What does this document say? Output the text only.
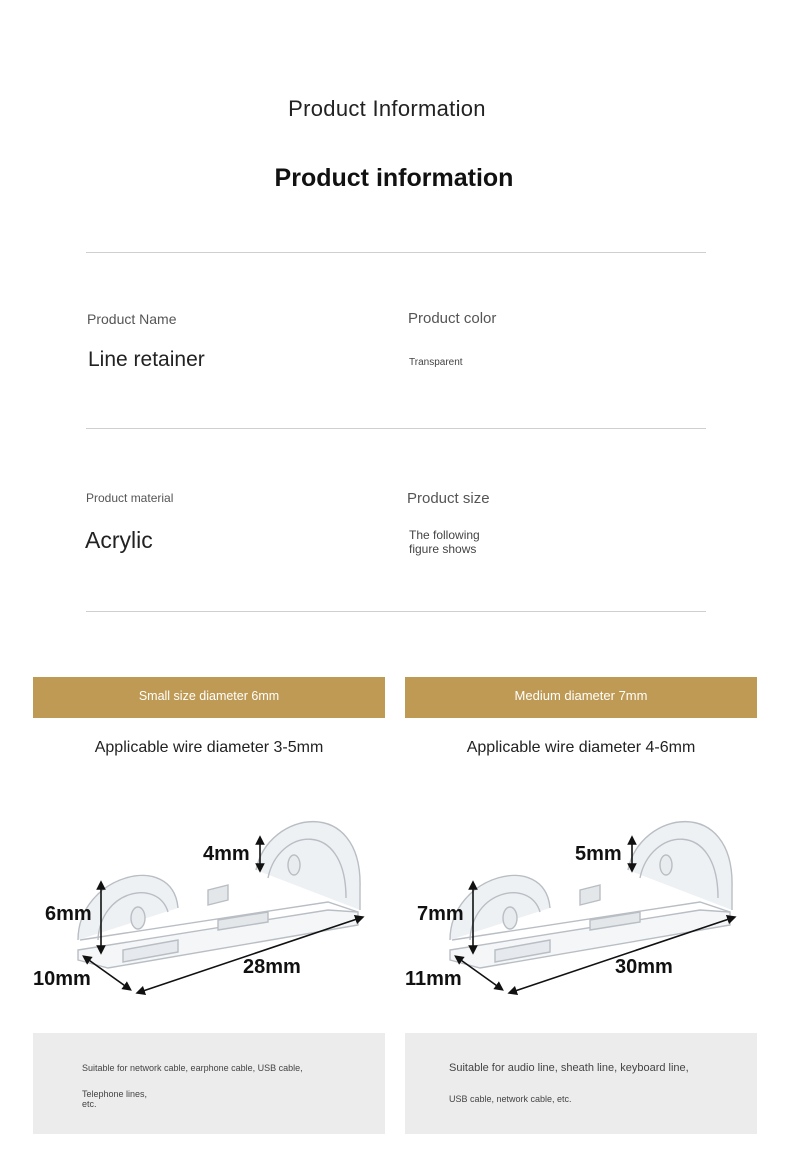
Product Information
Product information
Product Name
Line retainer
Product color
Transparent
Product material
Acrylic
Product size
The following
figure shows
Small size diameter 6mm	Medium diameter 7mm
Applicable wire diameter 3-5mm	Applicable wire diameter 4-6mm
4mm
6mm
10mm
28mm
5mm
7mm
11mm
30mm
Suitable for network cable, earphone cable, USB cable,
Telephone lines,
etc.
Suitable for audio line, sheath line, keyboard line,
USB cable, network cable, etc.
